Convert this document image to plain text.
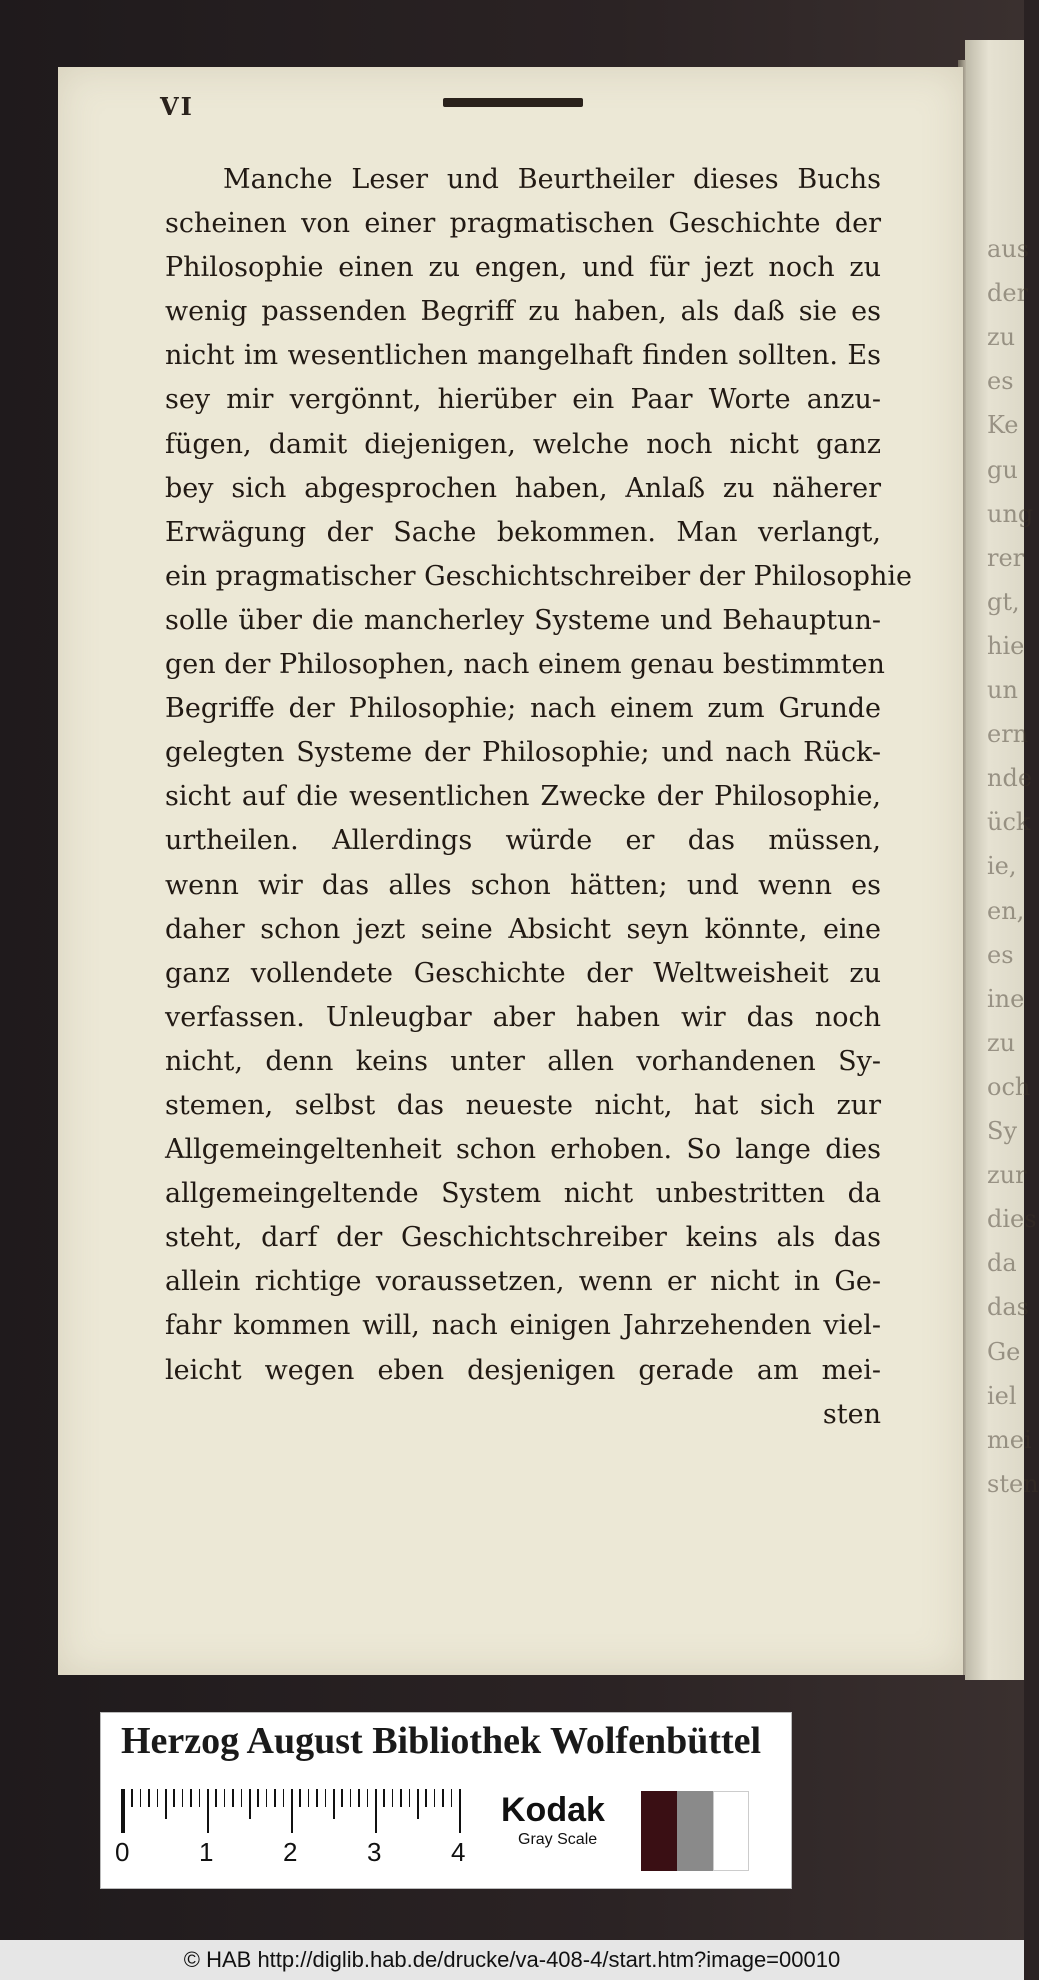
aus
der
zu
es
Ke
gu
ung
rer
gt,
hie
un
ern
nde
ück
ie,
en,
es
ine
zu
och
Sy
zur
dies
da
das
Ge
iel
mei
sten
VI
Manche Leser und Beurtheiler dieses Buchs
scheinen von einer pragmatischen Geschichte der
Philosophie einen zu engen, und für jezt noch zu
wenig passenden Begriff zu haben, als daß sie es
nicht im wesentlichen mangelhaft finden sollten. Es
sey mir vergönnt, hierüber ein Paar Worte anzu-
fügen, damit diejenigen, welche noch nicht ganz
bey sich abgesprochen haben, Anlaß zu näherer
Erwägung der Sache bekommen. Man verlangt,
ein pragmatischer Geschichtschreiber der Philosophie
solle über die mancherley Systeme und Behauptun-
gen der Philosophen, nach einem genau bestimmten
Begriffe der Philosophie; nach einem zum Grunde
gelegten Systeme der Philosophie; und nach Rück-
sicht auf die wesentlichen Zwecke der Philosophie,
urtheilen. Allerdings würde er das müssen,
wenn wir das alles schon hätten; und wenn es
daher schon jezt seine Absicht seyn könnte, eine
ganz vollendete Geschichte der Weltweisheit zu
verfassen. Unleugbar aber haben wir das noch
nicht, denn keins unter allen vorhandenen Sy-
stemen, selbst das neueste nicht, hat sich zur
Allgemeingeltenheit schon erhoben. So lange dies
allgemeingeltende System nicht unbestritten da
steht, darf der Geschichtschreiber keins als das
allein richtige voraussetzen, wenn er nicht in Ge-
fahr kommen will, nach einigen Jahrzehenden viel-
leicht wegen eben desjenigen gerade am mei-
sten
Herzog August Bibliothek Wolfenbüttel
0	1	2	3	4
Kodak
Gray Scale
© HAB http://diglib.hab.de/drucke/va-408-4/start.htm?image=00010
